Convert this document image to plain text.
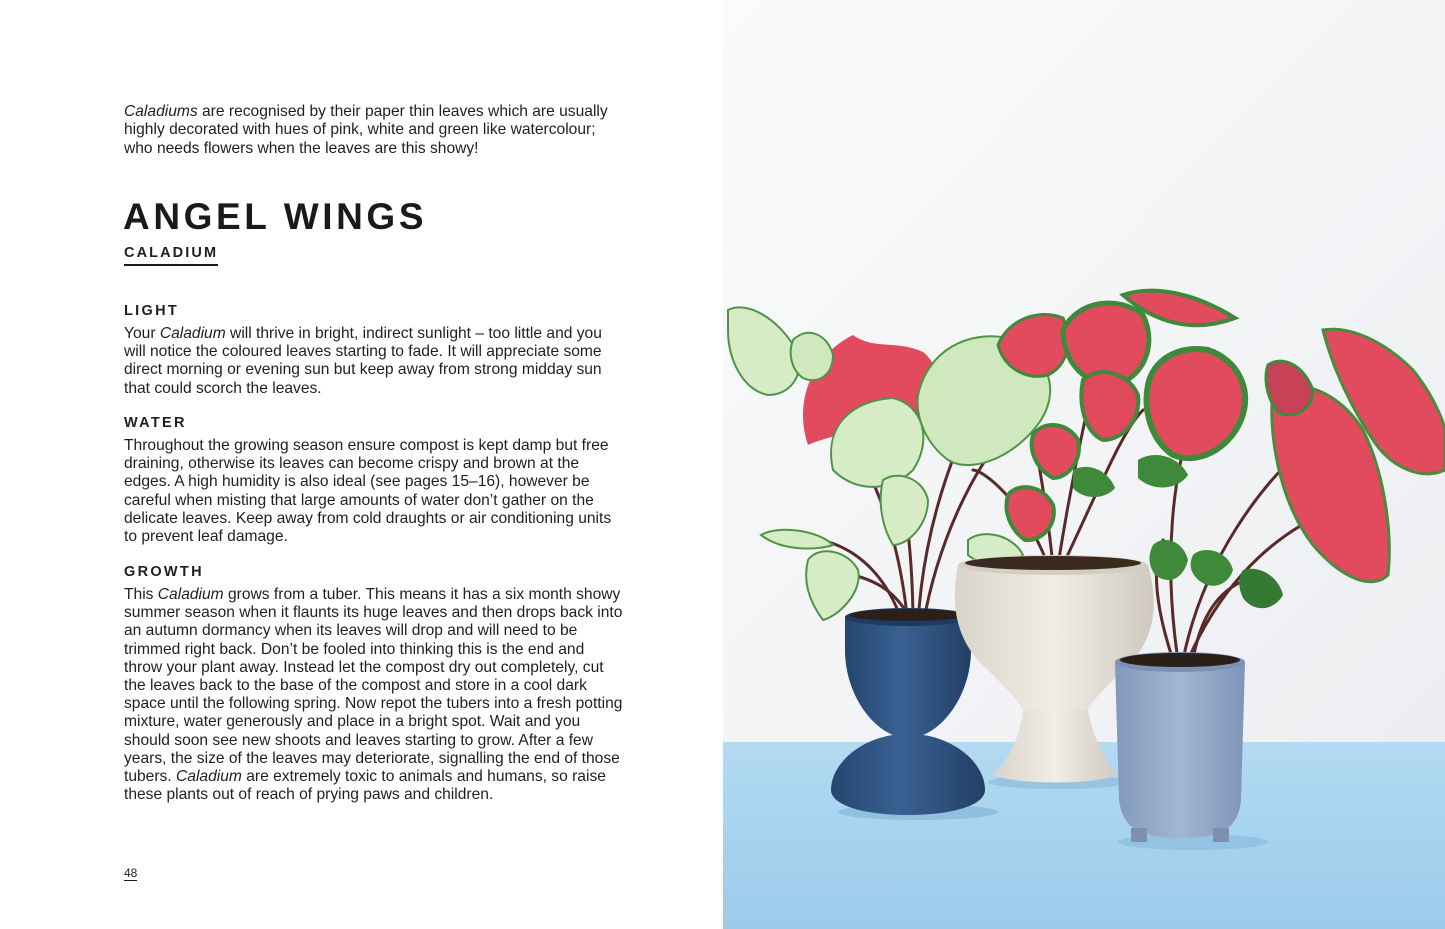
Caladiums are recognised by their paper thin leaves which are usually highly decorated with hues of pink, white and green like watercolour; who needs flowers when the leaves are this showy!

ANGEL WINGS
CALADIUM
LIGHT

Your Caladium will thrive in bright, indirect sunlight – too little and you will notice the coloured leaves starting to fade. It will appreciate some direct morning or evening sun but keep away from strong midday sun that could scorch the leaves.

WATER

Throughout the growing season ensure compost is kept damp but free draining, otherwise its leaves can become crispy and brown at the edges. A high humidity is also ideal (see pages 15–16), however be careful when misting that large amounts of water don’t gather on the delicate leaves. Keep away from cold draughts or air conditioning units to prevent leaf damage.

GROWTH

This Caladium grows from a tuber. This means it has a six month showy summer season when it flaunts its huge leaves and then drops back into an autumn dormancy when its leaves will drop and will need to be trimmed right back. Don’t be fooled into thinking this is the end and throw your plant away. Instead let the compost dry out completely, cut the leaves back to the base of the compost and store in a cool dark space until the following spring. Now repot the tubers into a fresh potting mixture, water generously and place in a bright spot. Wait and you should soon see new shoots and leaves starting to grow. After a few years, the size of the leaves may deteriorate, signalling the end of those tubers. Caladium are extremely toxic to animals and humans, so raise these plants out of reach of prying paws and children.

48
